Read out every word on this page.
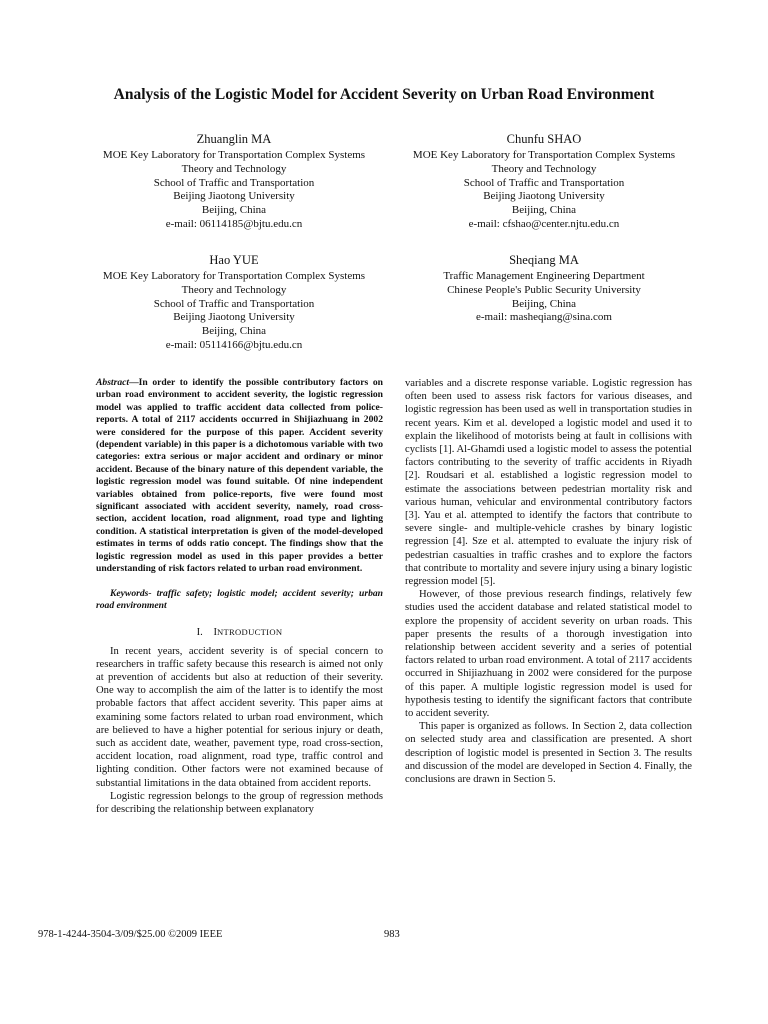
Analysis of the Logistic Model for Accident Severity on Urban Road Environment
Zhuanglin MA
MOE Key Laboratory for Transportation Complex Systems
Theory and Technology
School of Traffic and Transportation
Beijing Jiaotong University
Beijing, China
e-mail: 06114185@bjtu.edu.cn
Chunfu SHAO
MOE Key Laboratory for Transportation Complex Systems
Theory and Technology
School of Traffic and Transportation
Beijing Jiaotong University
Beijing, China
e-mail: cfshao@center.njtu.edu.cn
Hao YUE
MOE Key Laboratory for Transportation Complex Systems
Theory and Technology
School of Traffic and Transportation
Beijing Jiaotong University
Beijing, China
e-mail: 05114166@bjtu.edu.cn
Sheqiang MA
Traffic Management Engineering Department
Chinese People's Public Security University
Beijing, China
e-mail: masheqiang@sina.com

Abstract—In order to identify the possible contributory factors on urban road environment to accident severity, the logistic regression model was applied to traffic accident data collected from police-reports. A total of 2117 accidents occurred in Shijiazhuang in 2002 were considered for the purpose of this paper. Accident severity (dependent variable) in this paper is a dichotomous variable with two categories: extra serious or major accident and ordinary or minor accident. Because of the binary nature of this dependent variable, the logistic regression model was found suitable. Of nine independent variables obtained from police-reports, five were found most significant associated with accident severity, namely, road cross-section, accident location, road alignment, road type and lighting condition. A statistical interpretation is given of the model-developed estimates in terms of odds ratio concept. The findings show that the logistic regression model as used in this paper provides a better understanding of risk factors related to urban road environment.

Keywords- traffic safety; logistic model; accident severity; urban road environment

I. INTRODUCTION

In recent years, accident severity is of special concern to researchers in traffic safety because this research is aimed not only at prevention of accidents but also at reduction of their severity. One way to accomplish the aim of the latter is to identify the most probable factors that affect accident severity. This paper aims at examining some factors related to urban road environment, which are believed to have a higher potential for serious injury or death, such as accident date, weather, pavement type, road cross-section, accident location, road alignment, road type, traffic control and lighting condition. Other factors were not examined because of substantial limitations in the data obtained from accident reports.

Logistic regression belongs to the group of regression methods for describing the relationship between explanatory

variables and a discrete response variable. Logistic regression has often been used to assess risk factors for various diseases, and logistic regression has been used as well in transportation studies in recent years. Kim et al. developed a logistic model and used it to explain the likelihood of motorists being at fault in collisions with cyclists [1]. Al-Ghamdi used a logistic model to assess the potential factors contributing to the severity of traffic accidents in Riyadh [2]. Roudsari et al. established a logistic regression model to estimate the associations between pedestrian mortality risk and various human, vehicular and environmental contributory factors [3]. Yau et al. attempted to identify the factors that contribute to severe single- and multiple-vehicle crashes by binary logistic regression [4]. Sze et al. attempted to evaluate the injury risk of pedestrian casualties in traffic crashes and to explore the factors that contribute to mortality and severe injury using a binary logistic regression model [5].

However, of those previous research findings, relatively few studies used the accident database and related statistical model to explore the propensity of accident severity on urban roads. This paper presents the results of a thorough investigation into relationship between accident severity and a series of potential factors related to urban road environment. A total of 2117 accidents occurred in Shijiazhuang in 2002 were considered for the purpose of this paper. A multiple logistic regression model is used for hypothesis testing to identify the significant factors that contribute to accident severity.

This paper is organized as follows. In Section 2, data collection on selected study area and classification are presented. A short description of logistic model is presented in Section 3. The results and discussion of the model are developed in Section 4. Finally, the conclusions are drawn in Section 5.

978-1-4244-3504-3/09/$25.00 ©2009 IEEE	983
